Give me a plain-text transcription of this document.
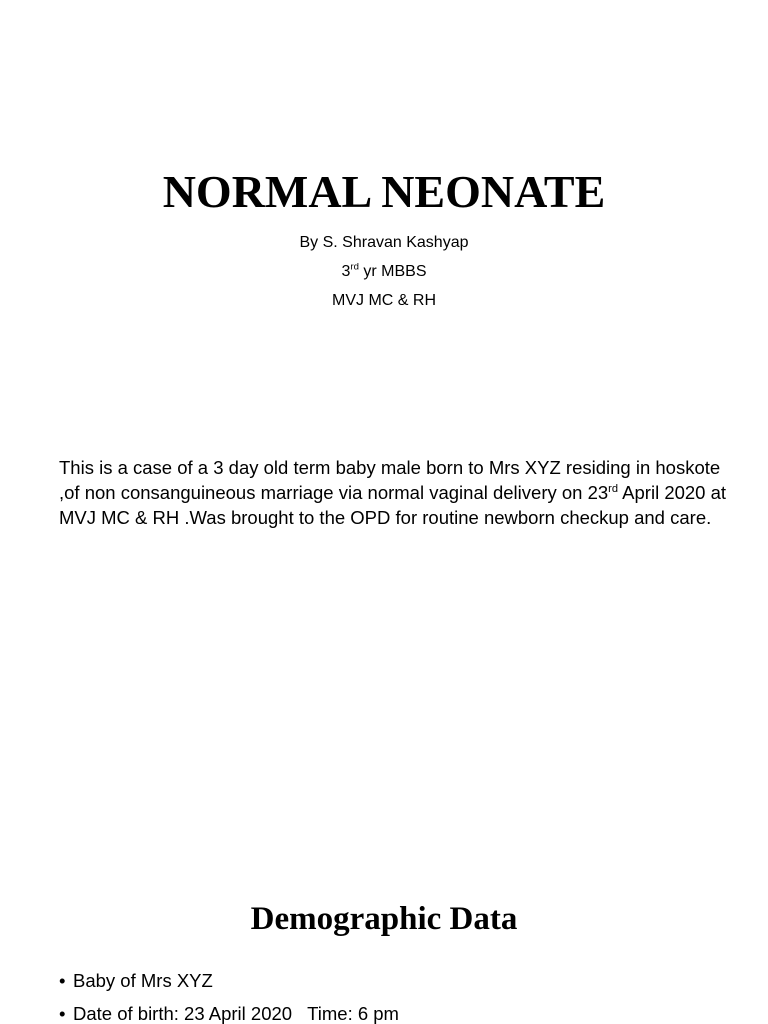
NORMAL NEONATE
By S. Shravan Kashyap
3rd yr MBBS
MVJ MC & RH

This is a case of a 3 day old term baby male born to Mrs XYZ residing in hoskote ,of non consanguineous marriage via normal vaginal delivery on 23rd April 2020 at MVJ MC & RH .Was brought to the OPD for routine newborn checkup and care.

Demographic Data
• Baby of Mrs XYZ
• Date of birth: 23 April 2020   Time: 6 pm
